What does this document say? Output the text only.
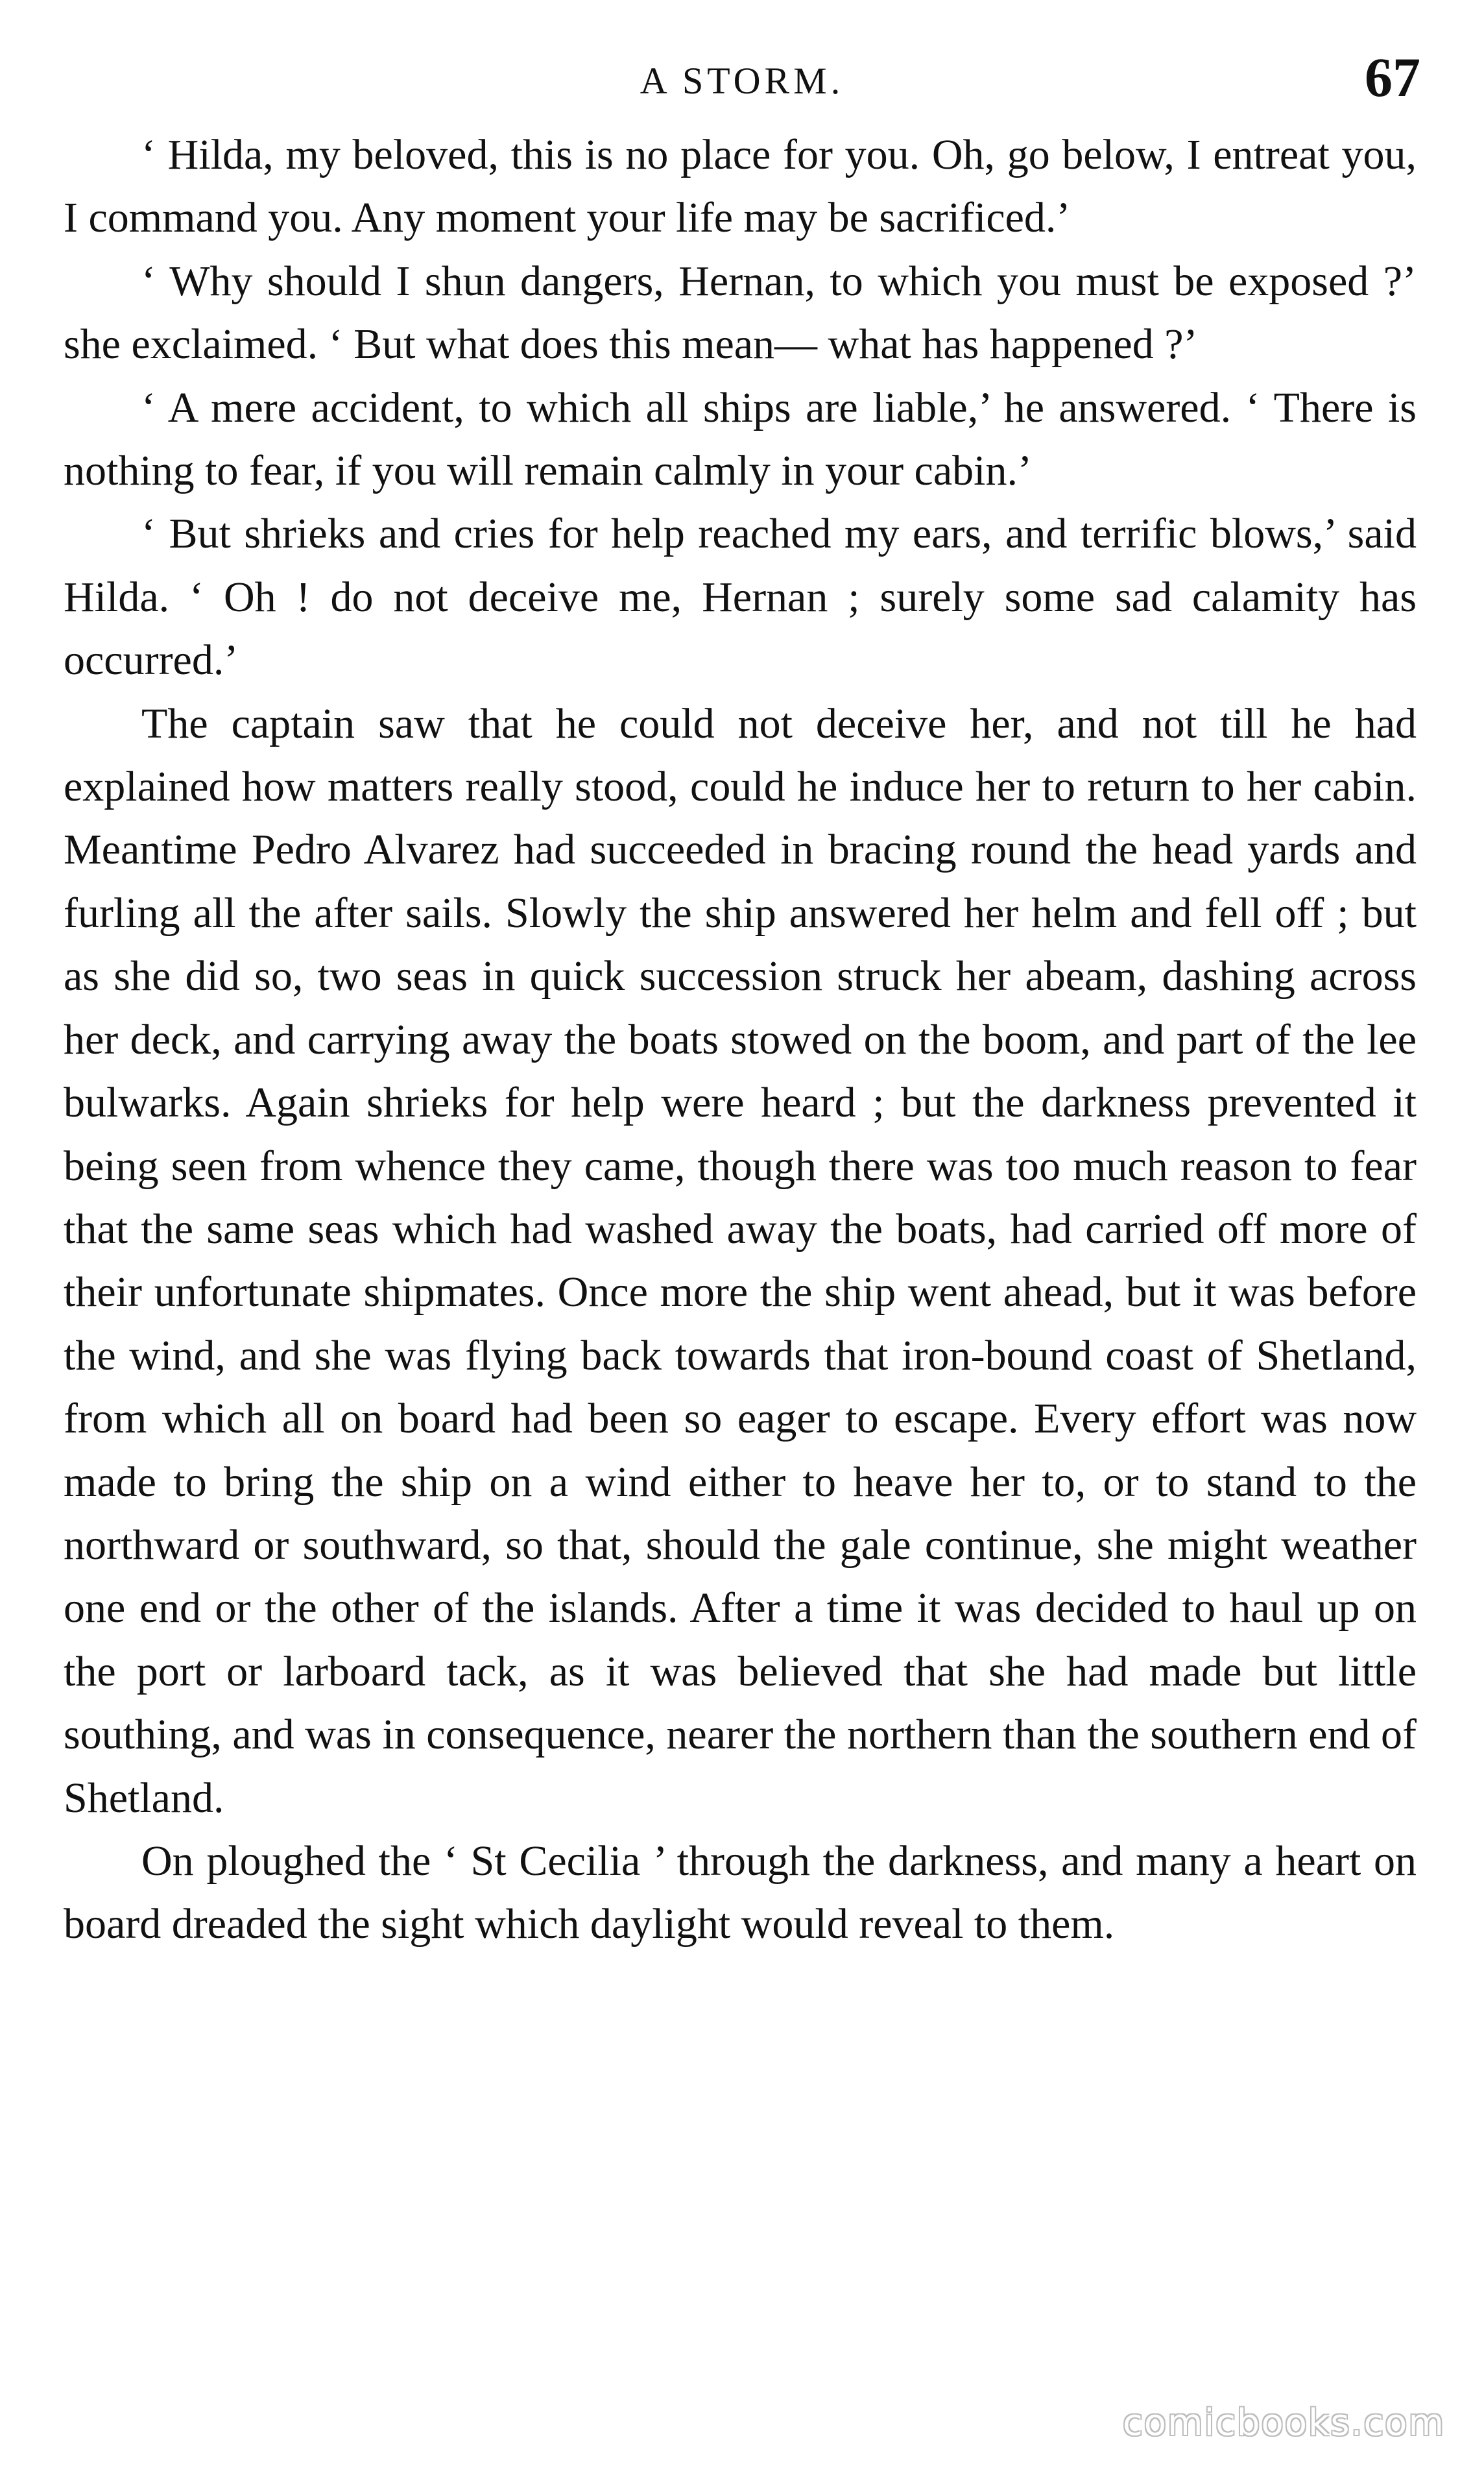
A STORM.	67

‘ Hilda, my beloved, this is no place for you. Oh, go below, I entreat you, I command you. Any moment your life may be sacrificed.’

‘ Why should I shun dangers, Hernan, to which you must be exposed ?’ she exclaimed. ‘ But what does this mean— what has happened ?’

‘ A mere accident, to which all ships are liable,’ he answered. ‘ There is nothing to fear, if you will remain calmly in your cabin.’

‘ But shrieks and cries for help reached my ears, and terrific blows,’ said Hilda. ‘ Oh ! do not deceive me, Hernan ; surely some sad calamity has occurred.’

The captain saw that he could not deceive her, and not till he had explained how matters really stood, could he induce her to return to her cabin. Meantime Pedro Alvarez had succeeded in bracing round the head yards and furling all the after sails. Slowly the ship answered her helm and fell off ; but as she did so, two seas in quick succession struck her abeam, dashing across her deck, and carrying away the boats stowed on the boom, and part of the lee bulwarks. Again shrieks for help were heard ; but the darkness prevented it being seen from whence they came, though there was too much reason to fear that the same seas which had washed away the boats, had carried off more of their unfortunate shipmates. Once more the ship went ahead, but it was before the wind, and she was flying back towards that iron-bound coast of Shetland, from which all on board had been so eager to escape. Every effort was now made to bring the ship on a wind either to heave her to, or to stand to the northward or southward, so that, should the gale continue, she might weather one end or the other of the islands. After a time it was decided to haul up on the port or larboard tack, as it was believed that she had made but little southing, and was in consequence, nearer the northern than the southern end of Shetland.

On ploughed the ‘ St Cecilia ’ through the darkness, and many a heart on board dreaded the sight which daylight would reveal to them.

comicbooks.com
